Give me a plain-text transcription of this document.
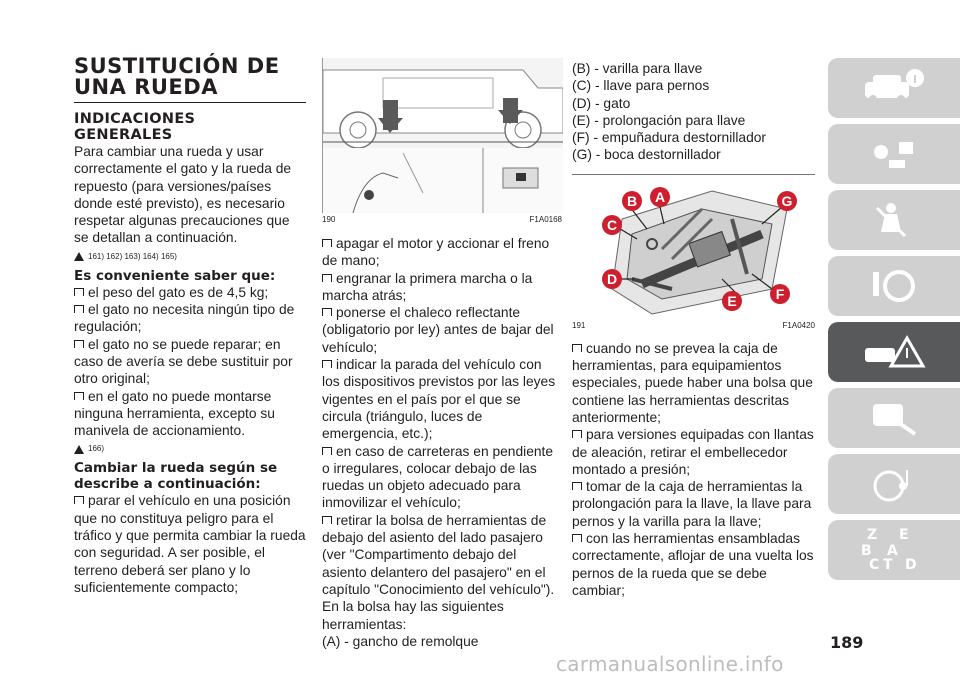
SUSTITUCIÓN DE
UNA RUEDA
INDICACIONES
GENERALES

Para cambiar una rueda y usar correctamente el gato y la rueda de repuesto (para versiones/países donde esté previsto), es necesario respetar algunas precauciones que se detallan a continuación.

161) 162) 163) 164) 165)
Es conveniente saber que:

el peso del gato es de 4,5 kg;

el gato no necesita ningún tipo de regulación;

el gato no se puede reparar; en caso de avería se debe sustituir por otro original;

en el gato no puede montarse ninguna herramienta, excepto su manivela de accionamiento.

166)
Cambiar la rueda según se describe a continuación:

parar el vehículo en una posición que no constituya peligro para el tráfico y que permita cambiar la rueda con seguridad. A ser posible, el terreno deberá ser plano y lo suficientemente compacto;

190	F1A0168

apagar el motor y accionar el freno de mano;

engranar la primera marcha o la marcha atrás;

ponerse el chaleco reflectante (obligatorio por ley) antes de bajar del vehículo;

indicar la parada del vehículo con los dispositivos previstos por las leyes vigentes en el país por el que se circula (triángulo, luces de emergencia, etc.);

en caso de carreteras en pendiente o irregulares, colocar debajo de las ruedas un objeto adecuado para inmovilizar el vehículo;

retirar la bolsa de herramientas de debajo del asiento del lado pasajero (ver "Compartimento debajo del asiento delantero del pasajero" en el capítulo "Conocimiento del vehículo").

En la bolsa hay las siguientes herramientas:

(A) - gancho de remolque

(B) - varilla para llave

(C) - llave para pernos

(D) - gato

(E) - prolongación para llave

(F) - empuñadura destornillador

(G) - boca destornillador

A
B
C
D
E	F
G
191	F1A0420

cuando no se prevea la caja de herramientas, para equipamientos especiales, puede haber una bolsa que contiene las herramientas descritas anteriormente;

para versiones equipadas con llantas de aleación, retirar el embellecedor montado a presión;

tomar de la caja de herramientas la prolongación para la llave, la llave para pernos y la varilla para la llave;

con las herramientas ensambladas correctamente, aflojar de una vuelta los pernos de la rueda que se debe cambiar;

Z E
B A
C T D
189
carmanualsonline.info
